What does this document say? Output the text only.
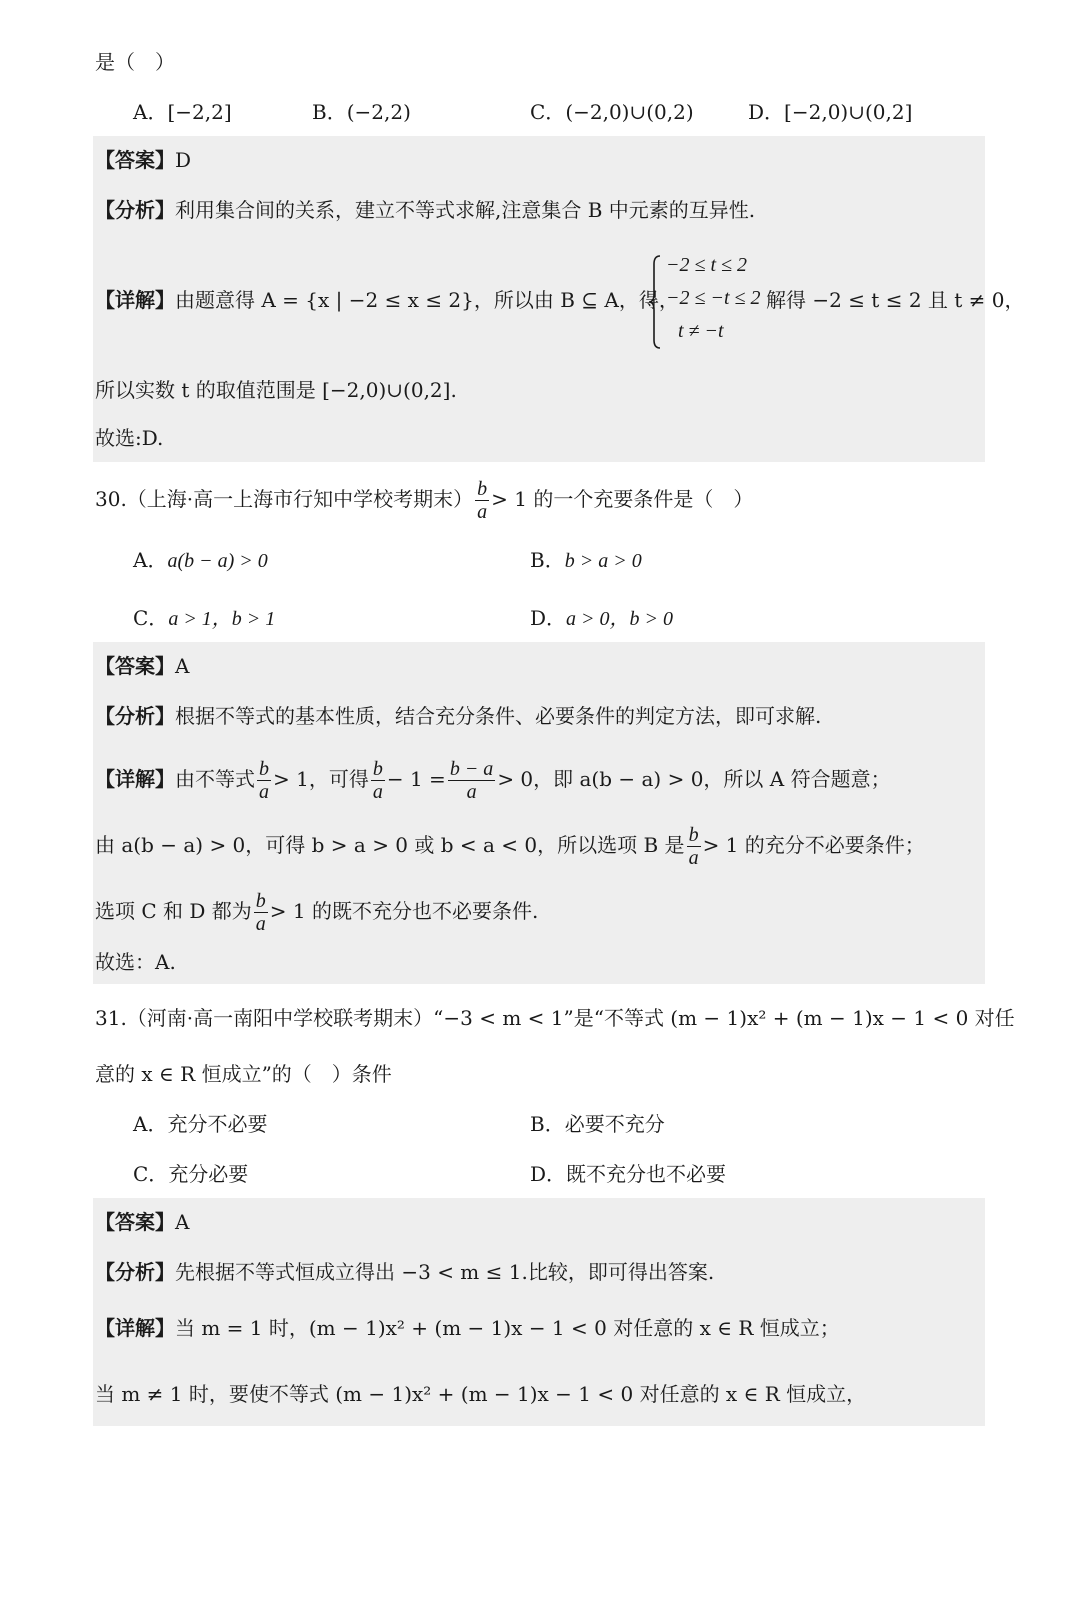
是（　）
A．[−2,2]	B．(−2,2)	C．(−2,0)∪(0,2)	D．[−2,0)∪(0,2]
【答案】D
【分析】利用集合间的关系，建立不等式求解,注意集合 B 中元素的互异性.
【详解】由题意得 A = {x | −2 ≤ x ≤ 2}，所以由 B ⊆ A，得，
−2 ≤ t ≤ 2
−2 ≤ −t ≤ 2
t ≠ −t
解得 −2 ≤ t ≤ 2 且 t ≠ 0，
所以实数 t 的取值范围是 [−2,0)∪(0,2].
故选:D.
30.（上海·高一上海市行知中学校考期末） $\frac{b}{a} > 1$ 的一个充要条件是（　）
A．a(b − a) > 0	B．b > a > 0
C．a > 1，b > 1	D．a > 0，b > 0
【答案】A
【分析】根据不等式的基本性质，结合充分条件、必要条件的判定方法，即可求解.
【详解】由不等式 $\frac{b}{a} > 1$，可得 $\frac{b}{a} - 1 = \frac{b - a}{a} > 0$，即 a(b − a) > 0，所以 A 符合题意；
由 a(b − a) > 0，可得 b > a > 0 或 b < a < 0，所以选项 B 是 $\frac{b}{a} > 1$ 的充分不必要条件；
选项 C 和 D 都为 $\frac{b}{a} > 1$ 的既不充分也不必要条件.
故选：A.
31.（河南·高一南阳中学校联考期末）“−3 < m < 1”是“不等式 (m − 1)x² + (m − 1)x − 1 < 0 对任
意的 x ∈ R 恒成立”的（　）条件
A．充分不必要	B．必要不充分
C．充分必要	D．既不充分也不必要
【答案】A
【分析】先根据不等式恒成立得出 −3 < m ≤ 1.比较，即可得出答案.
【详解】当 m = 1 时，(m − 1)x² + (m − 1)x − 1 < 0 对任意的 x ∈ R 恒成立；
当 m ≠ 1 时，要使不等式 (m − 1)x² + (m − 1)x − 1 < 0 对任意的 x ∈ R 恒成立，
